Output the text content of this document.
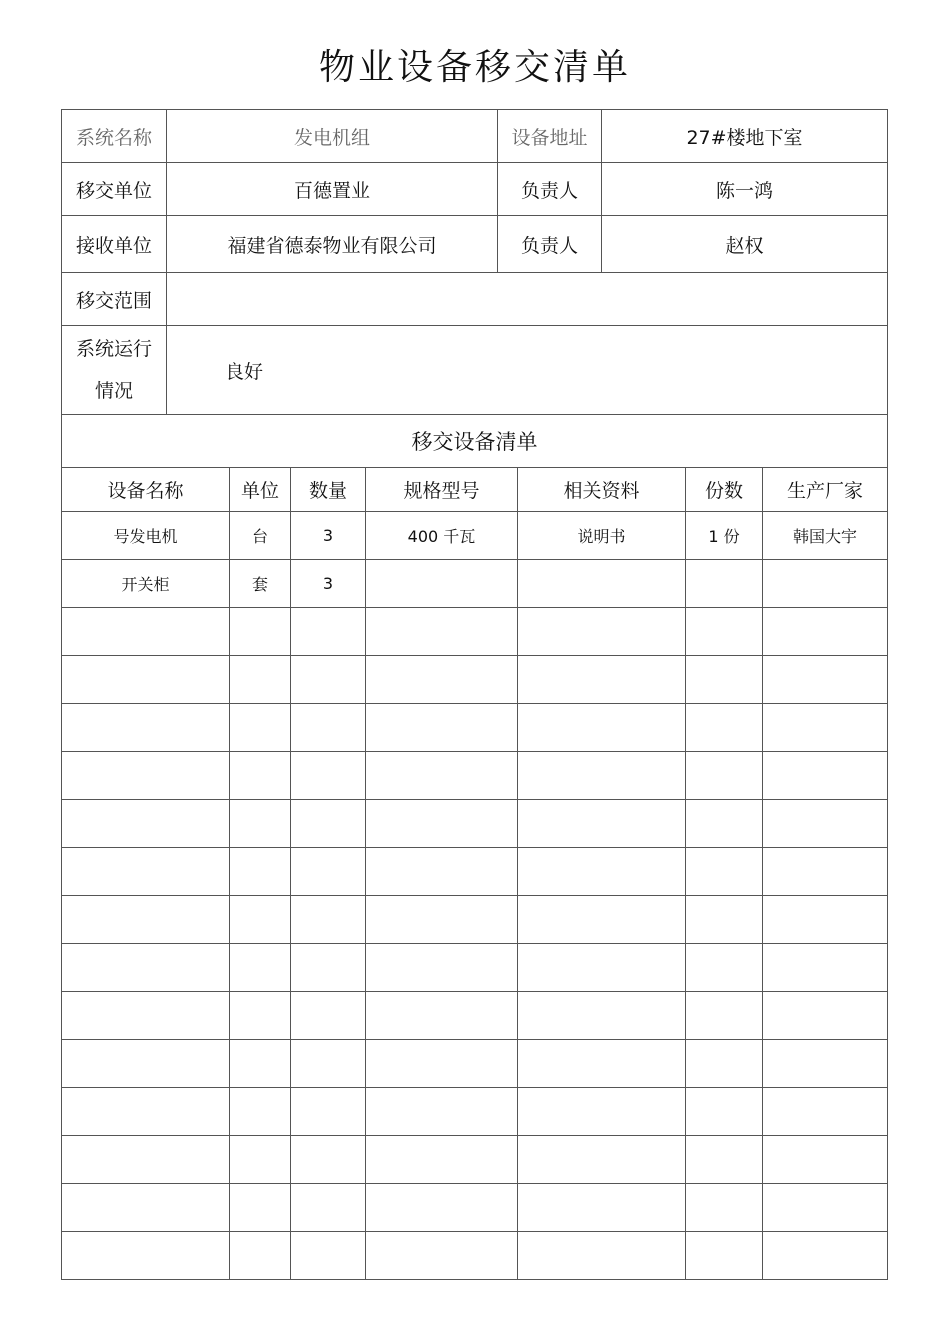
物业设备移交清单
系统名称	发电机组	设备地址	27#楼地下室
移交单位	百德置业	负责人	陈一鸿
接收单位	福建省德泰物业有限公司	负责人	赵权
移交范围			
系统运行
情况	良好		
移交设备清单						
设备名称	单位	数量	规格型号	相关资料	份数	生产厂家
号发电机	台	3	400 千瓦	说明书	1 份	韩国大宇
开关柜	套	3				
